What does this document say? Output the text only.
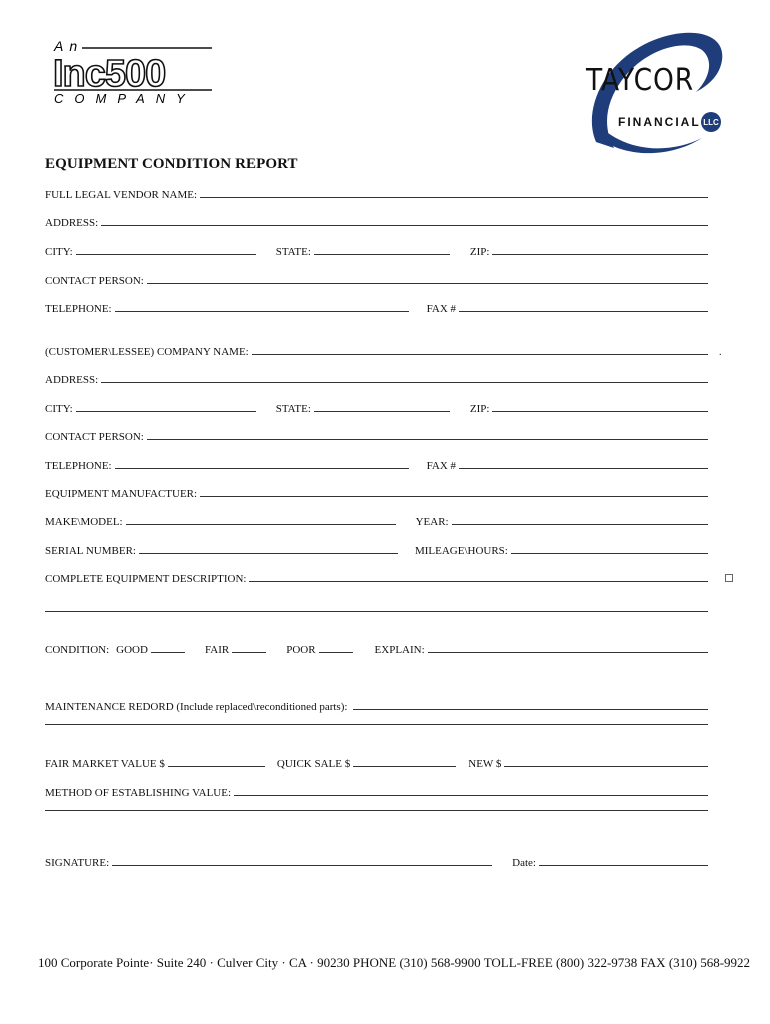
An
Inc500
COMPANY
TAYCOR
FINANCIAL LLC
EQUIPMENT CONDITION REPORT
FULL LEGAL VENDOR NAME:
ADDRESS:
CITY:	STATE:	ZIP:
CONTACT PERSON:
TELEPHONE:	FAX #
(CUSTOMER\LESSEE) COMPANY NAME:	.
ADDRESS:
CITY:	STATE:	ZIP:
CONTACT PERSON:
TELEPHONE:	FAX #
EQUIPMENT MANUFACTUER:
MAKE\MODEL:	YEAR:
SERIAL NUMBER:	MILEAGE\HOURS:
COMPLETE EQUIPMENT DESCRIPTION:
CONDITION: GOOD	FAIR	POOR	EXPLAIN:
MAINTENANCE REDORD (Include replaced\reconditioned parts):
FAIR MARKET VALUE $	QUICK SALE $	NEW $
METHOD OF ESTABLISHING VALUE:
SIGNATURE:	Date:
100 Corporate Pointe· Suite 240 · Culver City · CA · 90230 PHONE (310) 568-9900 TOLL-FREE (800) 322-9738 FAX (310) 568-9922
